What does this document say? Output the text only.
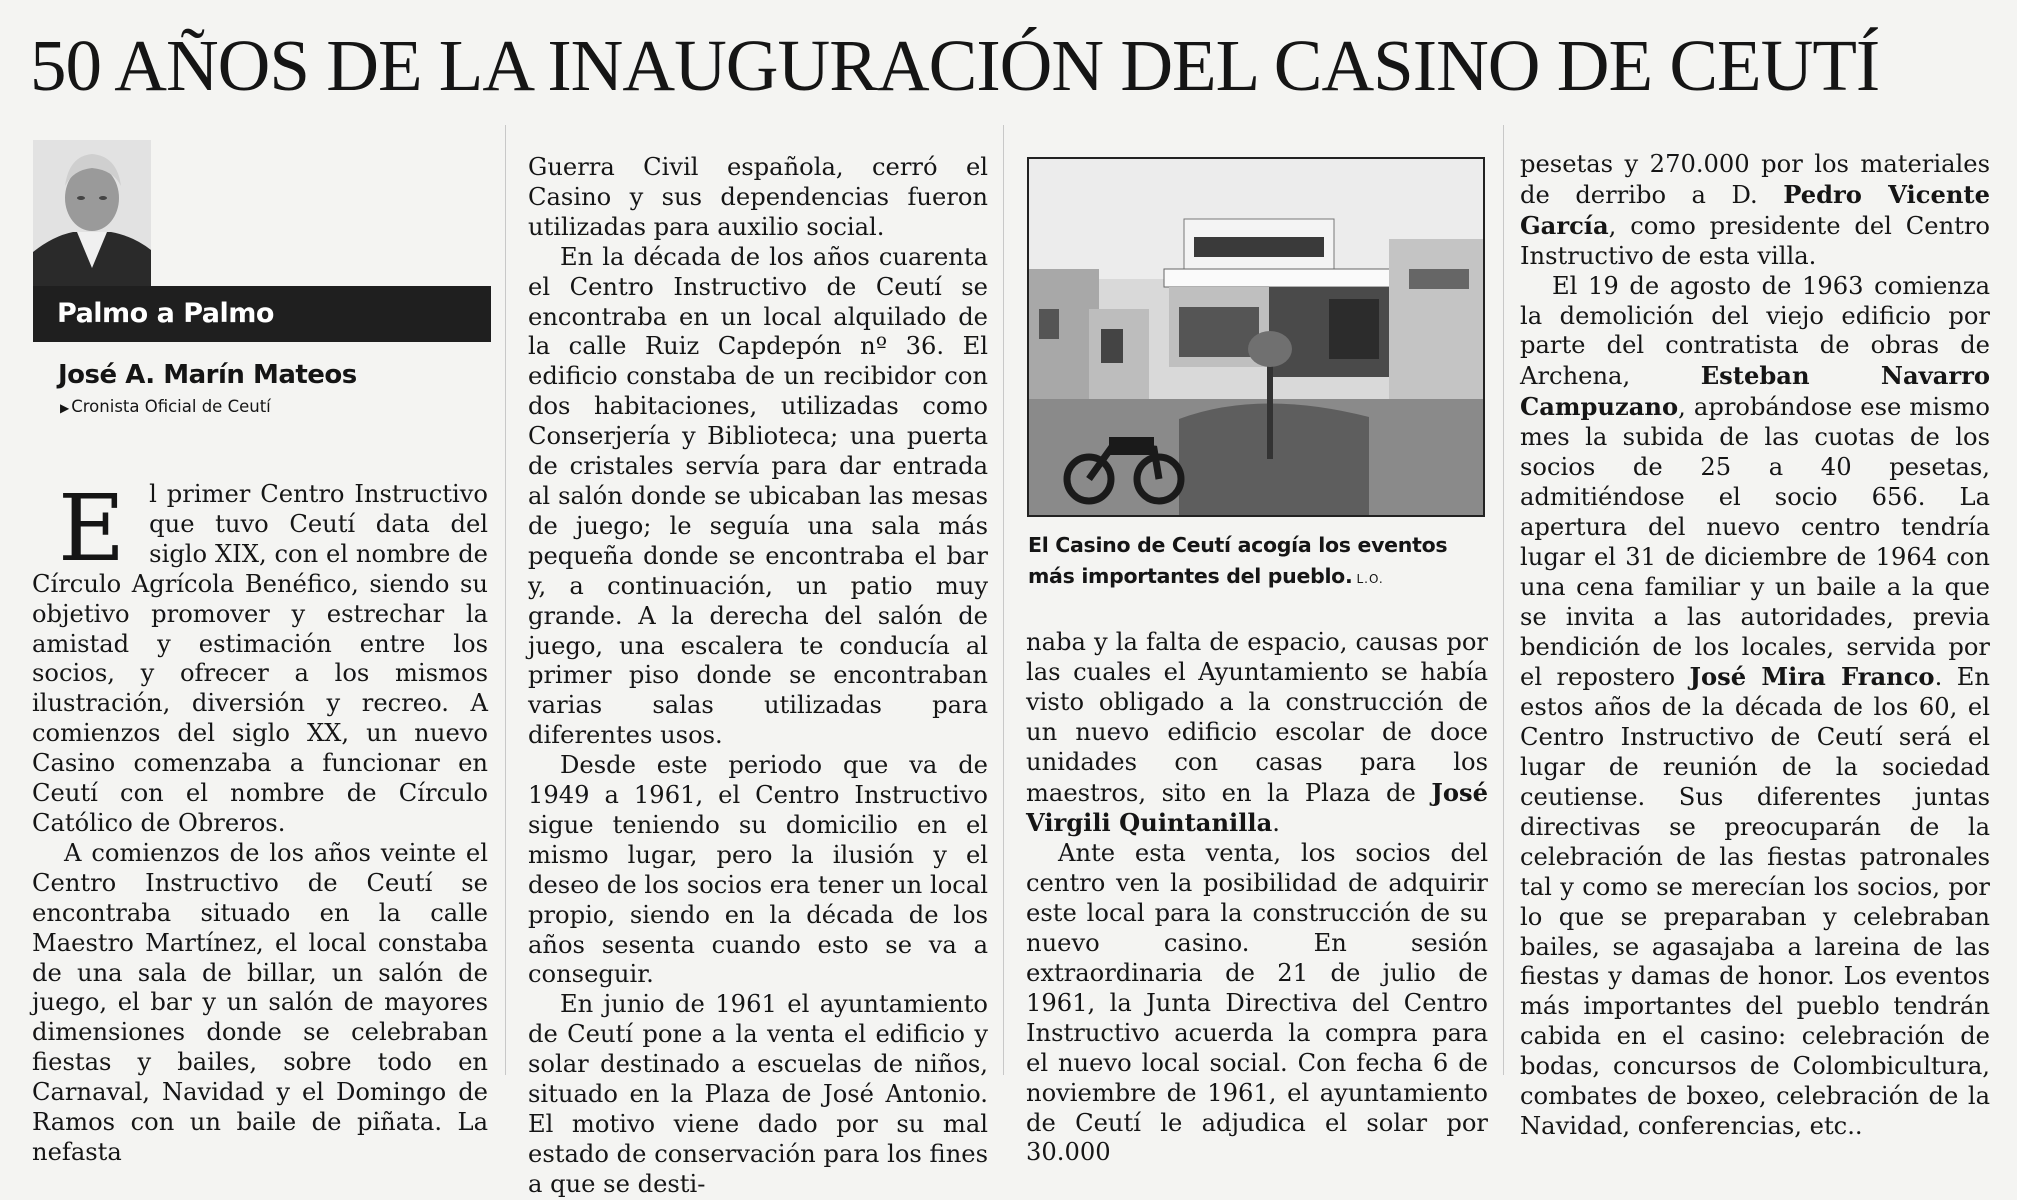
50 AÑOS DE LA INAUGURACIÓN DEL CASINO DE CEUTÍ
Palmo a Palmo
José A. Marín Mateos
▶ Cronista Oficial de Ceutí

El primer Centro Instructivo que tuvo Ceutí data del siglo XIX, con el nombre de Círculo Agrícola Benéfico, siendo su objetivo promover y estrechar la amistad y estimación entre los socios, y ofrecer a los mismos ilustración, diversión y recreo. A comienzos del siglo XX, un nuevo Casino comenzaba a funcionar en Ceutí con el nombre de Círculo Católico de Obreros.

A comienzos de los años veinte el Centro Instructivo de Ceutí se encontraba situado en la calle Maestro Martínez, el local constaba de una sala de billar, un salón de juego, el bar y un salón de mayores dimensiones donde se celebraban fiestas y bailes, sobre todo en Carnaval, Navidad y el Domingo de Ramos con un baile de piñata. La nefasta

Guerra Civil española, cerró el Casino y sus dependencias fueron utilizadas para auxilio social.

En la década de los años cuarenta el Centro Instructivo de Ceutí se encontraba en un local alquilado de la calle Ruiz Capdepón nº 36. El edificio constaba de un recibidor con dos habitaciones, utilizadas como Conserjería y Biblioteca; una puerta de cristales servía para dar entrada al salón donde se ubicaban las mesas de juego; le seguía una sala más pequeña donde se encontraba el bar y, a continuación, un patio muy grande. A la derecha del salón de juego, una escalera te conducía al primer piso donde se encontraban varias salas utilizadas para diferentes usos.

Desde este periodo que va de 1949 a 1961, el Centro Instructivo sigue teniendo su domicilio en el mismo lugar, pero la ilusión y el deseo de los socios era tener un local propio, siendo en la década de los años sesenta cuando esto se va a conseguir.

En junio de 1961 el ayuntamiento de Ceutí pone a la venta el edificio y solar destinado a escuelas de niños, situado en la Plaza de José Antonio. El motivo viene dado por su mal estado de conservación para los fines a que se desti-

El Casino de Ceutí acogía los eventos más importantes del pueblo. L.O.

naba y la falta de espacio, causas por las cuales el Ayuntamiento se había visto obligado a la construcción de un nuevo edificio escolar de doce unidades con casas para los maestros, sito en la Plaza de José Virgili Quintanilla.

Ante esta venta, los socios del centro ven la posibilidad de adquirir este local para la construcción de su nuevo casino. En sesión extraordinaria de 21 de julio de 1961, la Junta Directiva del Centro Instructivo acuerda la compra para el nuevo local social. Con fecha 6 de noviembre de 1961, el ayuntamiento de Ceutí le adjudica el solar por 30.000

pesetas y 270.000 por los materiales de derribo a D. Pedro Vicente García, como presidente del Centro Instructivo de esta villa.

El 19 de agosto de 1963 comienza la demolición del viejo edificio por parte del contratista de obras de Archena, Esteban Navarro Campuzano, aprobándose ese mismo mes la subida de las cuotas de los socios de 25 a 40 pesetas, admitiéndose el socio 656. La apertura del nuevo centro tendría lugar el 31 de diciembre de 1964 con una cena familiar y un baile a la que se invita a las autoridades, previa bendición de los locales, servida por el repostero José Mira Franco. En estos años de la década de los 60, el Centro Instructivo de Ceutí será el lugar de reunión de la sociedad ceutiense. Sus diferentes juntas directivas se preocuparán de la celebración de las fiestas patronales tal y como se merecían los socios, por lo que se preparaban y celebraban bailes, se agasajaba a lareina de las fiestas y damas de honor. Los eventos más importantes del pueblo tendrán cabida en el casino: celebración de bodas, concursos de Colombicultura, combates de boxeo, celebración de la Navidad, conferencias, etc..
